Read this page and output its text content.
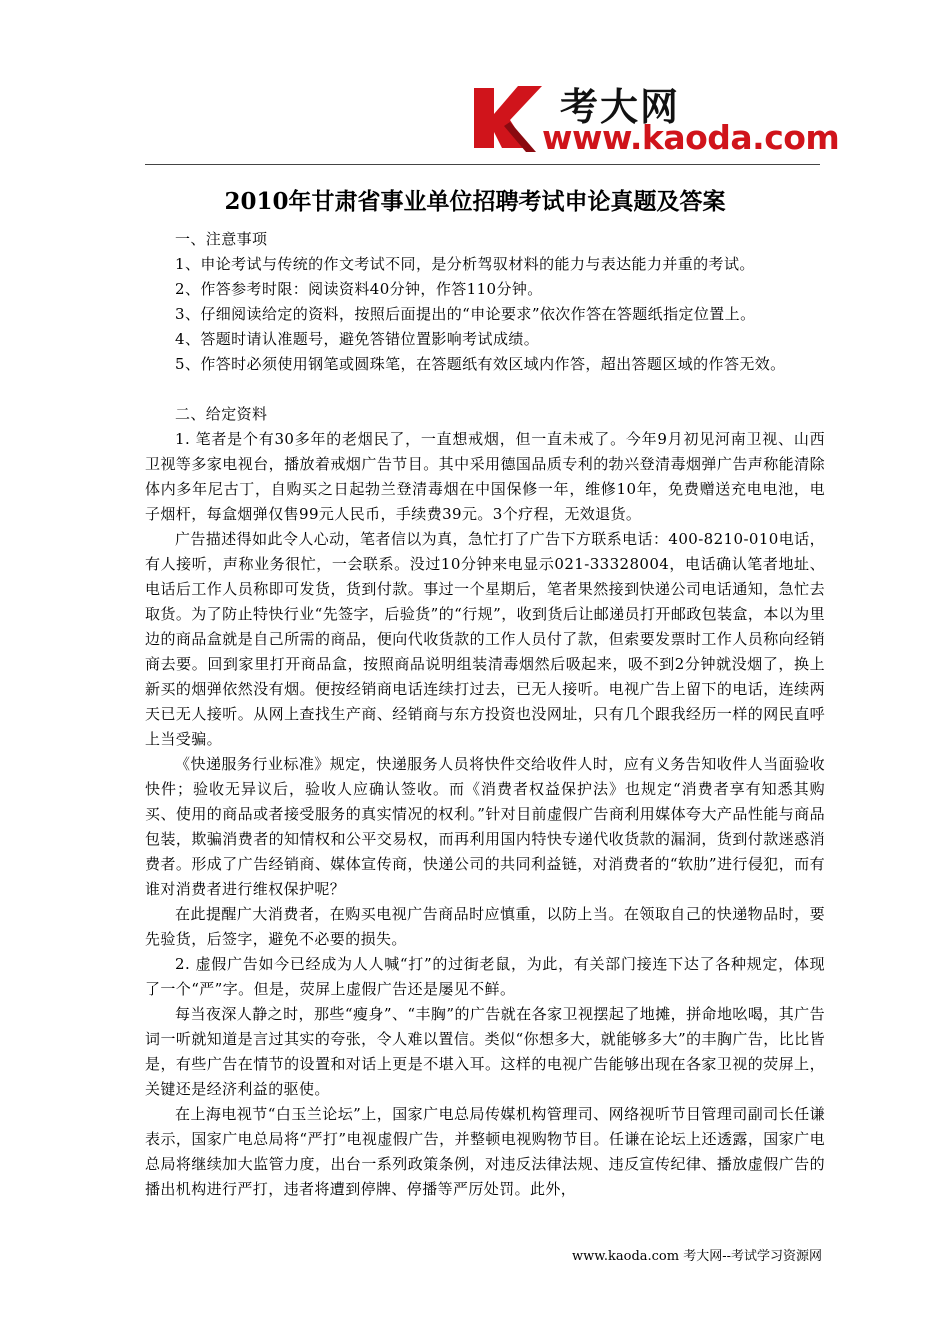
考大网
www.kaoda.com
2010年甘肃省事业单位招聘考试申论真题及答案

一、注意事项

1、申论考试与传统的作文考试不同，是分析驾驭材料的能力与表达能力并重的考试。

2、作答参考时限：阅读资料40分钟，作答110分钟。

3、仔细阅读给定的资料，按照后面提出的“申论要求”依次作答在答题纸指定位置上。

4、答题时请认准题号，避免答错位置影响考试成绩。

5、作答时必须使用钢笔或圆珠笔，在答题纸有效区域内作答，超出答题区域的作答无效。

二、给定资料

1. 笔者是个有30多年的老烟民了，一直想戒烟，但一直未戒了。今年9月初见河南卫视、山西卫视等多家电视台，播放着戒烟广告节目。其中采用德国品质专利的勃兴登清毒烟弹广告声称能清除体内多年尼古丁，自购买之日起勃兰登清毒烟在中国保修一年，维修10年，免费赠送充电电池，电子烟杆，每盒烟弹仅售99元人民币，手续费39元。3个疗程，无效退货。

广告描述得如此令人心动，笔者信以为真，急忙打了广告下方联系电话：400-8210-010电话，有人接听，声称业务很忙，一会联系。没过10分钟来电显示021-33328004，电话确认笔者地址、电话后工作人员称即可发货，货到付款。事过一个星期后，笔者果然接到快递公司电话通知，急忙去取货。为了防止特快行业“先签字，后验货”的“行规”，收到货后让邮递员打开邮政包装盒，本以为里边的商品盒就是自己所需的商品，便向代收货款的工作人员付了款，但索要发票时工作人员称向经销商去要。回到家里打开商品盒，按照商品说明组装清毒烟然后吸起来，吸不到2分钟就没烟了，换上新买的烟弹依然没有烟。便按经销商电话连续打过去，已无人接听。电视广告上留下的电话，连续两天已无人接听。从网上查找生产商、经销商与东方投资也没网址，只有几个跟我经历一样的网民直呼上当受骗。

《快递服务行业标准》规定，快递服务人员将快件交给收件人时，应有义务告知收件人当面验收快件；验收无异议后，验收人应确认签收。而《消费者权益保护法》也规定“消费者享有知悉其购买、使用的商品或者接受服务的真实情况的权利。”针对目前虚假广告商利用媒体夸大产品性能与商品包装，欺骗消费者的知情权和公平交易权，而再利用国内特快专递代收货款的漏洞，货到付款迷惑消费者。形成了广告经销商、媒体宣传商，快递公司的共同利益链，对消费者的“软肋”进行侵犯，而有谁对消费者进行维权保护呢？

在此提醒广大消费者，在购买电视广告商品时应慎重，以防上当。在领取自己的快递物品时，要先验货，后签字，避免不必要的损失。

2. 虚假广告如今已经成为人人喊“打”的过街老鼠，为此，有关部门接连下达了各种规定，体现了一个“严”字。但是，荧屏上虚假广告还是屡见不鲜。

每当夜深人静之时，那些“瘦身”、“丰胸”的广告就在各家卫视摆起了地摊，拼命地吆喝，其广告词一听就知道是言过其实的夸张，令人难以置信。类似“你想多大，就能够多大”的丰胸广告，比比皆是，有些广告在情节的设置和对话上更是不堪入耳。这样的电视广告能够出现在各家卫视的荧屏上，关键还是经济利益的驱使。

在上海电视节“白玉兰论坛”上，国家广电总局传媒机构管理司、网络视听节目管理司副司长任谦表示，国家广电总局将“严打”电视虚假广告，并整顿电视购物节目。任谦在论坛上还透露，国家广电总局将继续加大监管力度，出台一系列政策条例，对违反法律法规、违反宣传纪律、播放虚假广告的播出机构进行严打，违者将遭到停牌、停播等严厉处罚。此外，

www.kaoda.com 考大网--考试学习资源网
